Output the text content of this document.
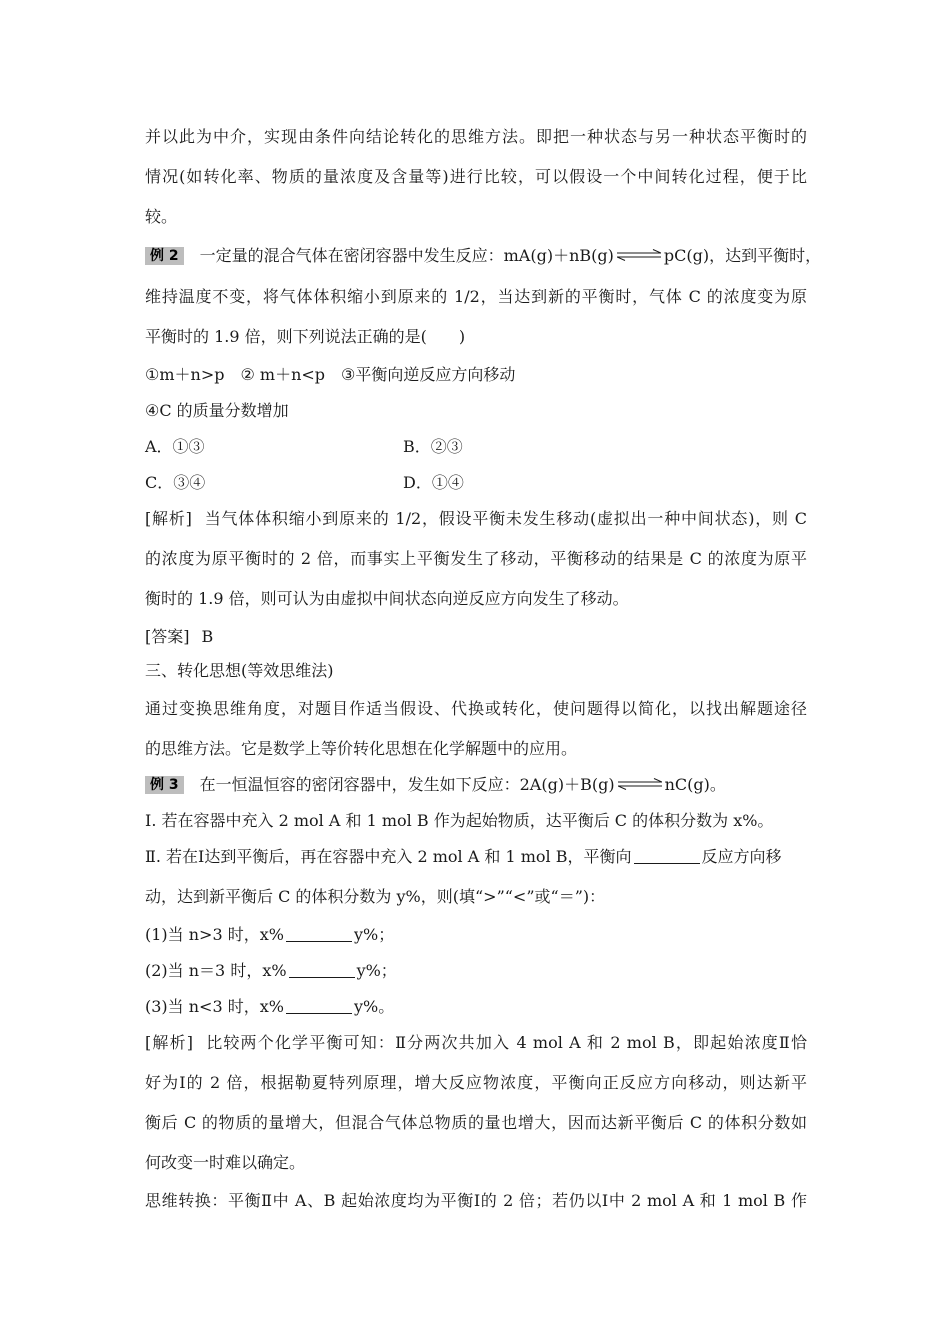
并以此为中介，实现由条件向结论转化的思维方法。即把一种状态与另一种状态平衡时的
情况(如转化率、物质的量浓度及含量等)进行比较，可以假设一个中间转化过程，便于比
较。
例 2 一定量的混合气体在密闭容器中发生反应：mA(g)＋nB(g) ⇌ pC(g)，达到平衡时，
维持温度不变，将气体体积缩小到原来的 1/2，当达到新的平衡时，气体 C 的浓度变为原
平衡时的 1.9 倍，则下列说法正确的是(　　)
①m＋n>p　② m＋n<p　③平衡向逆反应方向移动
④C 的质量分数增加
A．①③	B．②③
C．③④	D．①④
[解析] 当气体体积缩小到原来的 1/2，假设平衡未发生移动(虚拟出一种中间状态)，则 C
的浓度为原平衡时的 2 倍，而事实上平衡发生了移动，平衡移动的结果是 C 的浓度为原平
衡时的 1.9 倍，则可认为由虚拟中间状态向逆反应方向发生了移动。
[答案] B
三、转化思想(等效思维法)
通过变换思维角度，对题目作适当假设、代换或转化，使问题得以简化，以找出解题途径
的思维方法。它是数学上等价转化思想在化学解题中的应用。
例 3 在一恒温恒容的密闭容器中，发生如下反应：2A(g)＋B(g) ⇌ nC(g)。
Ⅰ. 若在容器中充入 2 mol A 和 1 mol B 作为起始物质，达平衡后 C 的体积分数为 x%。
Ⅱ. 若在Ⅰ达到平衡后，再在容器中充入 2 mol A 和 1 mol B，平衡向	反应方向移
动，达到新平衡后 C 的体积分数为 y%，则(填“>”“<”或“＝”)：
(1)当 n>3 时，x%	y%；
(2)当 n＝3 时，x%	y%；
(3)当 n<3 时，x%	y%。
[解析] 比较两个化学平衡可知：Ⅱ分两次共加入 4 mol A 和 2 mol B，即起始浓度Ⅱ恰
好为Ⅰ的 2 倍，根据勒夏特列原理，增大反应物浓度，平衡向正反应方向移动，则达新平
衡后 C 的物质的量增大，但混合气体总物质的量也增大，因而达新平衡后 C 的体积分数如
何改变一时难以确定。
思维转换：平衡Ⅱ中 A、B 起始浓度均为平衡Ⅰ的 2 倍；若仍以Ⅰ中 2 mol A 和 1 mol B 作
